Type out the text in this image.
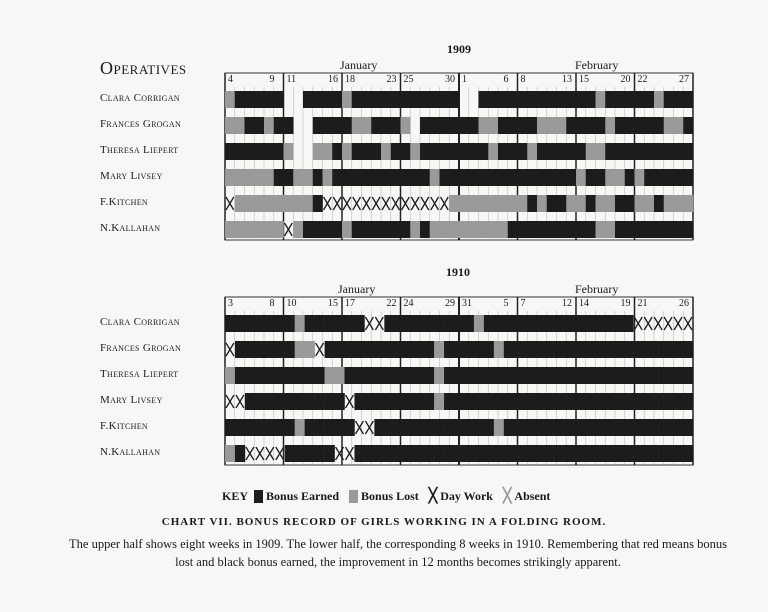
Operatives
1909
January	February
4	9 11	16 18	23 25	30 1	6 8	13 15	20 22	27
Clara Corrigan
Frances Grogan
Theresa Liepert
Mary Livsey
F.Kitchen
N.Kallahan
1910
January	February
3	8 10	15 17	22 24	29 31	5 7	12 14	19 21	26
Clara Corrigan
Frances Grogan
Theresa Liepert
Mary Livsey
F.Kitchen
N.Kallahan
KEY Bonus Earned Bonus Lost ╳ Day Work ╳ Absent
CHART VII. BONUS RECORD OF GIRLS WORKING IN A FOLDING ROOM.
The upper half shows eight weeks in 1909. The lower half, the corresponding 8 weeks in 1910. Remembering that red means bonus lost and black bonus earned, the improvement in 12 months becomes strikingly apparent.
